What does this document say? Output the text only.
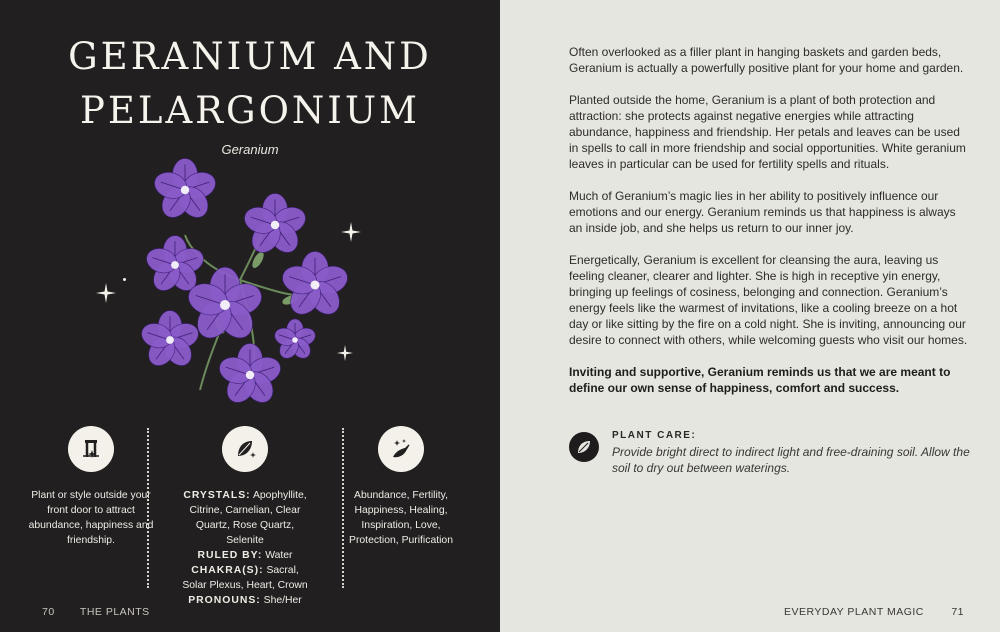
GERANIUM AND
PELARGONIUM
Geranium
Plant or style outside your front door to attract abundance, happiness and friendship.
CRYSTALS: Apophyllite, Citrine, Carnelian, Clear Quartz, Rose Quartz, Selenite
RULED BY: Water
CHAKRA(S): Sacral, Solar Plexus, Heart, Crown
PRONOUNS: She/Her
Abundance, Fertility, Happiness, Healing, Inspiration, Love, Protection, Purification
70 THE PLANTS

Often overlooked as a filler plant in hanging baskets and garden beds, Geranium is actually a powerfully positive plant for your home and garden.

Planted outside the home, Geranium is a plant of both protection and attraction: she protects against negative energies while attracting abundance, happiness and friendship. Her petals and leaves can be used in spells to call in more friendship and social opportunities. White geranium leaves in particular can be used for fertility spells and rituals.

Much of Geranium’s magic lies in her ability to positively influence our emotions and our energy. Geranium reminds us that happiness is always an inside job, and she helps us return to our inner joy.

Energetically, Geranium is excellent for cleansing the aura, leaving us feeling cleaner, clearer and lighter. She is high in receptive yin energy, bringing up feelings of cosiness, belonging and connection. Geranium’s energy feels like the warmest of invitations, like a cooling breeze on a hot day or like sitting by the fire on a cold night. She is inviting, announcing our desire to connect with others, while welcoming guests who visit our homes.

Inviting and supportive, Geranium reminds us that we are meant to define our own sense of happiness, comfort and success.

PLANT CARE:
Provide bright direct to indirect light and free-draining soil. Allow the soil to dry out between waterings.
EVERYDAY PLANT MAGIC	71
